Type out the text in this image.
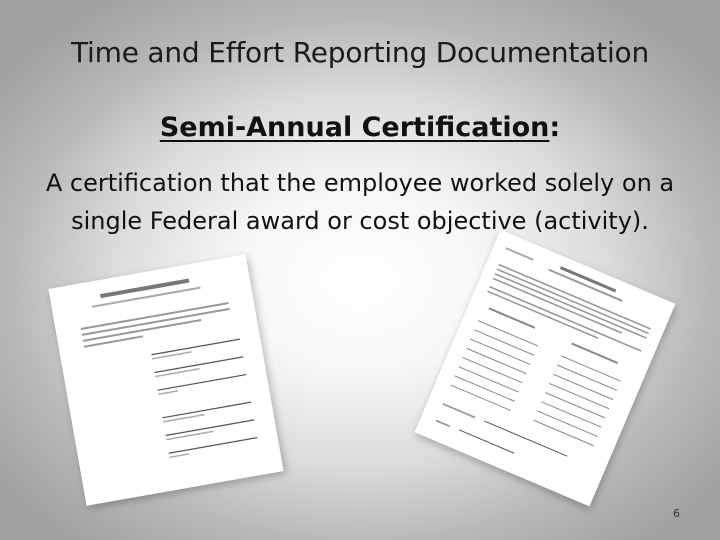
Time and Effort Reporting Documentation
Semi-Annual Certification:
A certification that the employee worked solely on a single Federal award or cost objective (activity).
6
